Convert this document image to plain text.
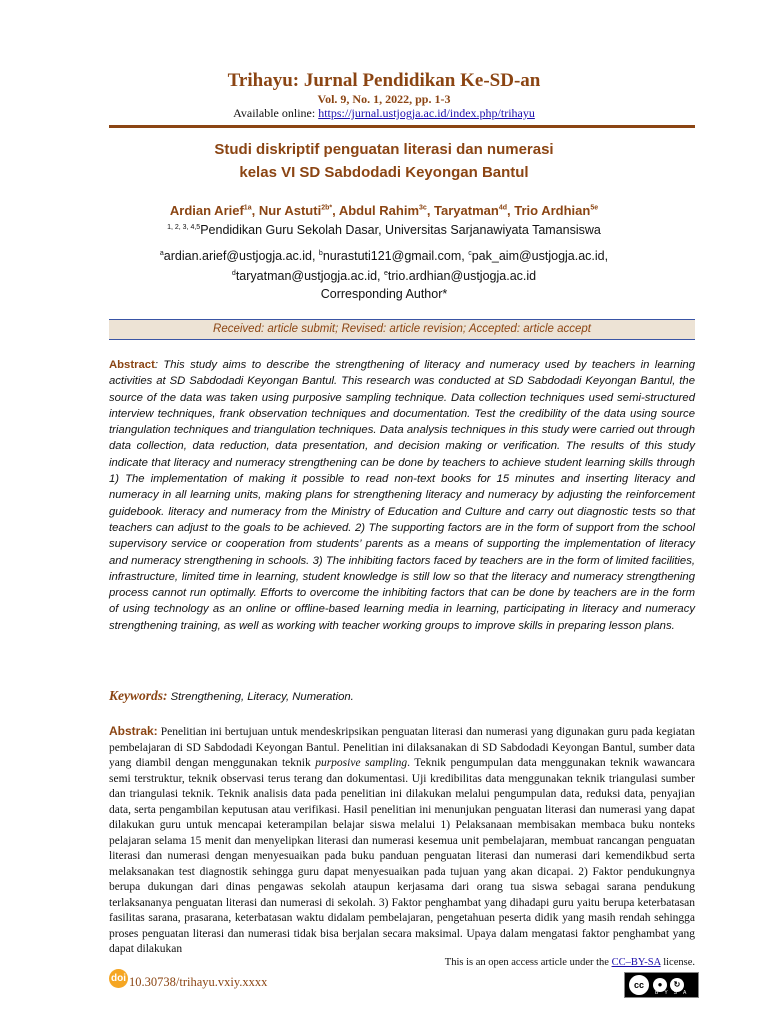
Trihayu: Jurnal Pendidikan Ke-SD-an
Vol. 9, No. 1, 2022, pp. 1-3
Available online: https://jurnal.ustjogja.ac.id/index.php/trihayu
Studi diskriptif penguatan literasi dan numerasi
kelas VI SD Sabdodadi Keyongan Bantul
Ardian Arief$^{1a}$, Nur Astuti$^{2b*}$, Abdul Rahim$^{3c}$, Taryatman$^{4d}$, Trio Ardhian$^{5e}$
$^{1, 2, 3, 4,5}$Pendidikan Guru Sekolah Dasar, Universitas Sarjanawiyata Tamansiswa
$^a$ardian.arief@ustjogja.ac.id, $^b$nurastuti121@gmail.com, $^c$pak_aim@ustjogja.ac.id,
$^d$taryatman@ustjogja.ac.id, $^e$trio.ardhian@ustjogja.ac.id
Corresponding Author*
Received: article submit; Revised: article revision; Accepted: article accept
Abstract: This study aims to describe the strengthening of literacy and numeracy used by teachers in learning activities at SD Sabdodadi Keyongan Bantul. This research was conducted at SD Sabdodadi Keyongan Bantul, the source of the data was taken using purposive sampling technique. Data collection techniques used semi-structured interview techniques, frank observation techniques and documentation. Test the credibility of the data using source triangulation techniques and triangulation techniques. Data analysis techniques in this study were carried out through data collection, data reduction, data presentation, and decision making or verification. The results of this study indicate that literacy and numeracy strengthening can be done by teachers to achieve student learning skills through 1) The implementation of making it possible to read non-text books for 15 minutes and inserting literacy and numeracy in all learning units, making plans for strengthening literacy and numeracy by adjusting the reinforcement guidebook. literacy and numeracy from the Ministry of Education and Culture and carry out diagnostic tests so that teachers can adjust to the goals to be achieved. 2) The supporting factors are in the form of support from the school supervisory service or cooperation from students’ parents as a means of supporting the implementation of literacy and numeracy strengthening in schools. 3) The inhibiting factors faced by teachers are in the form of limited facilities, infrastructure, limited time in learning, student knowledge is still low so that the literacy and numeracy strengthening process cannot run optimally. Efforts to overcome the inhibiting factors that can be done by teachers are in the form of using technology as an online or offline-based learning media in learning, participating in literacy and numeracy strengthening training, as well as working with teacher working groups to improve skills in preparing lesson plans.
Keywords: Strengthening, Literacy, Numeration.
Abstrak: Penelitian ini bertujuan untuk mendeskripsikan penguatan literasi dan numerasi yang digunakan guru pada kegiatan pembelajaran di SD Sabdodadi Keyongan Bantul. Penelitian ini dilaksanakan di SD Sabdodadi Keyongan Bantul, sumber data yang diambil dengan menggunakan teknik purposive sampling. Teknik pengumpulan data menggunakan teknik wawancara semi terstruktur, teknik observasi terus terang dan dokumentasi. Uji kredibilitas data menggunakan teknik triangulasi sumber dan triangulasi teknik. Teknik analisis data pada penelitian ini dilakukan melalui pengumpulan data, reduksi data, penyajian data, serta pengambilan keputusan atau verifikasi. Hasil penelitian ini menunjukan penguatan literasi dan numerasi yang dapat dilakukan guru untuk mencapai keterampilan belajar siswa melalui 1) Pelaksanaan membisakan membaca buku nonteks pelajaran selama 15 menit dan menyelipkan literasi dan numerasi kesemua unit pembelajaran, membuat rancangan penguatan literasi dan numerasi dengan menyesuaikan pada buku panduan penguatan literasi dan numerasi dari kemendikbud serta melaksanakan test diagnostik sehingga guru dapat menyesuaikan pada tujuan yang akan dicapai. 2) Faktor pendukungnya berupa dukungan dari dinas pengawas sekolah ataupun kerjasama dari orang tua siswa sebagai sarana pendukung terlaksananya penguatan literasi dan numerasi di sekolah. 3) Faktor penghambat yang dihadapi guru yaitu berupa keterbatasan fasilitas sarana, prasarana, keterbatasan waktu didalam pembelajaran, pengetahuan peserta didik yang masih rendah sehingga proses penguatan literasi dan numerasi tidak bisa berjalan secara maksimal. Upaya dalam mengatasi faktor penghambat yang dapat dilakukan
This is an open access article under the CC–BY-SA license.
doi 10.30738/trihayu.vxiy.xxxx	cc	●	↻
BYSA
